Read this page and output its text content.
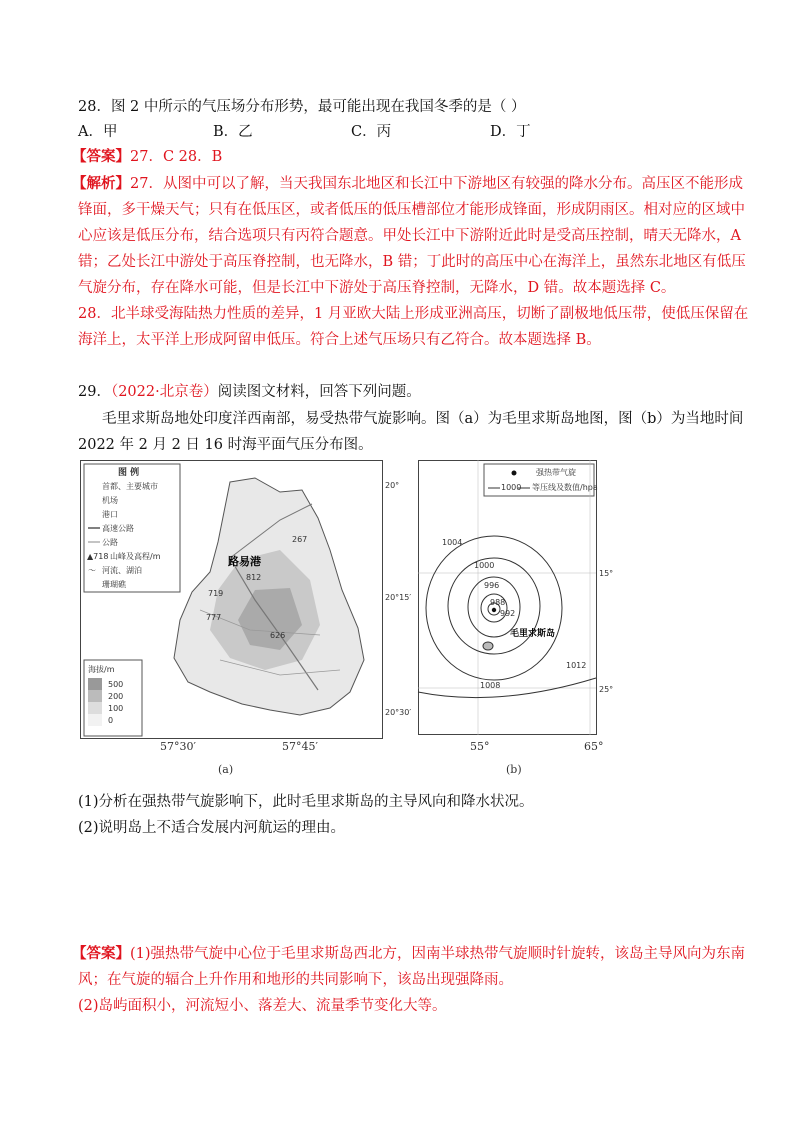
28．图 2 中所示的气压场分布形势，最可能出现在我国冬季的是（ ）
A．甲	B．乙	C．丙	D．丁
【答案】27．C 28．B
【解析】27．从图中可以了解，当天我国东北地区和长江中下游地区有较强的降水分布。高压区不能形成
锋面，多干燥天气；只有在低压区，或者低压的低压槽部位才能形成锋面，形成阴雨区。相对应的区域中
心应该是低压分布，结合选项只有丙符合题意。甲处长江中下游附近此时是受高压控制，晴天无降水，A
错；乙处长江中游处于高压脊控制，也无降水，B 错；丁此时的高压中心在海洋上，虽然东北地区有低压
气旋分布，存在降水可能，但是长江中下游处于高压脊控制，无降水，D 错。故本题选择 C。
28．北半球受海陆热力性质的差异，1 月亚欧大陆上形成亚洲高压，切断了副极地低压带，使低压保留在
海洋上，太平洋上形成阿留申低压。符合上述气压场只有乙符合。故本题选择 B。
29．（2022·北京卷）阅读图文材料，回答下列问题。
毛里求斯岛地处印度洋西南部，易受热带气旋影响。图（a）为毛里求斯岛地图，图（b）为当地时间
2022 年 2 月 2 日 16 时海平面气压分布图。
图 例
首都、主要城市
机场
港口
高速公路
公路
▲718 山峰及高程/m
〜 河流、湖泊
珊瑚礁
海拔/m
500
200
100
0
路易港
267
812
719
777
626
20°
20°15′
20°30′
57°30′	57°45′
(a)
强热带气旋
1000 等压线及数值/hpa
1004
1000
996
988
992
1008
1012
毛里求斯岛
15°
25°
55°	65°
(b)
(1)分析在强热带气旋影响下，此时毛里求斯岛的主导风向和降水状况。
(2)说明岛上不适合发展内河航运的理由。
【答案】(1)强热带气旋中心位于毛里求斯岛西北方，因南半球热带气旋顺时针旋转，该岛主导风向为东南
风；在气旋的辐合上升作用和地形的共同影响下，该岛出现强降雨。
(2)岛屿面积小，河流短小、落差大、流量季节变化大等。
